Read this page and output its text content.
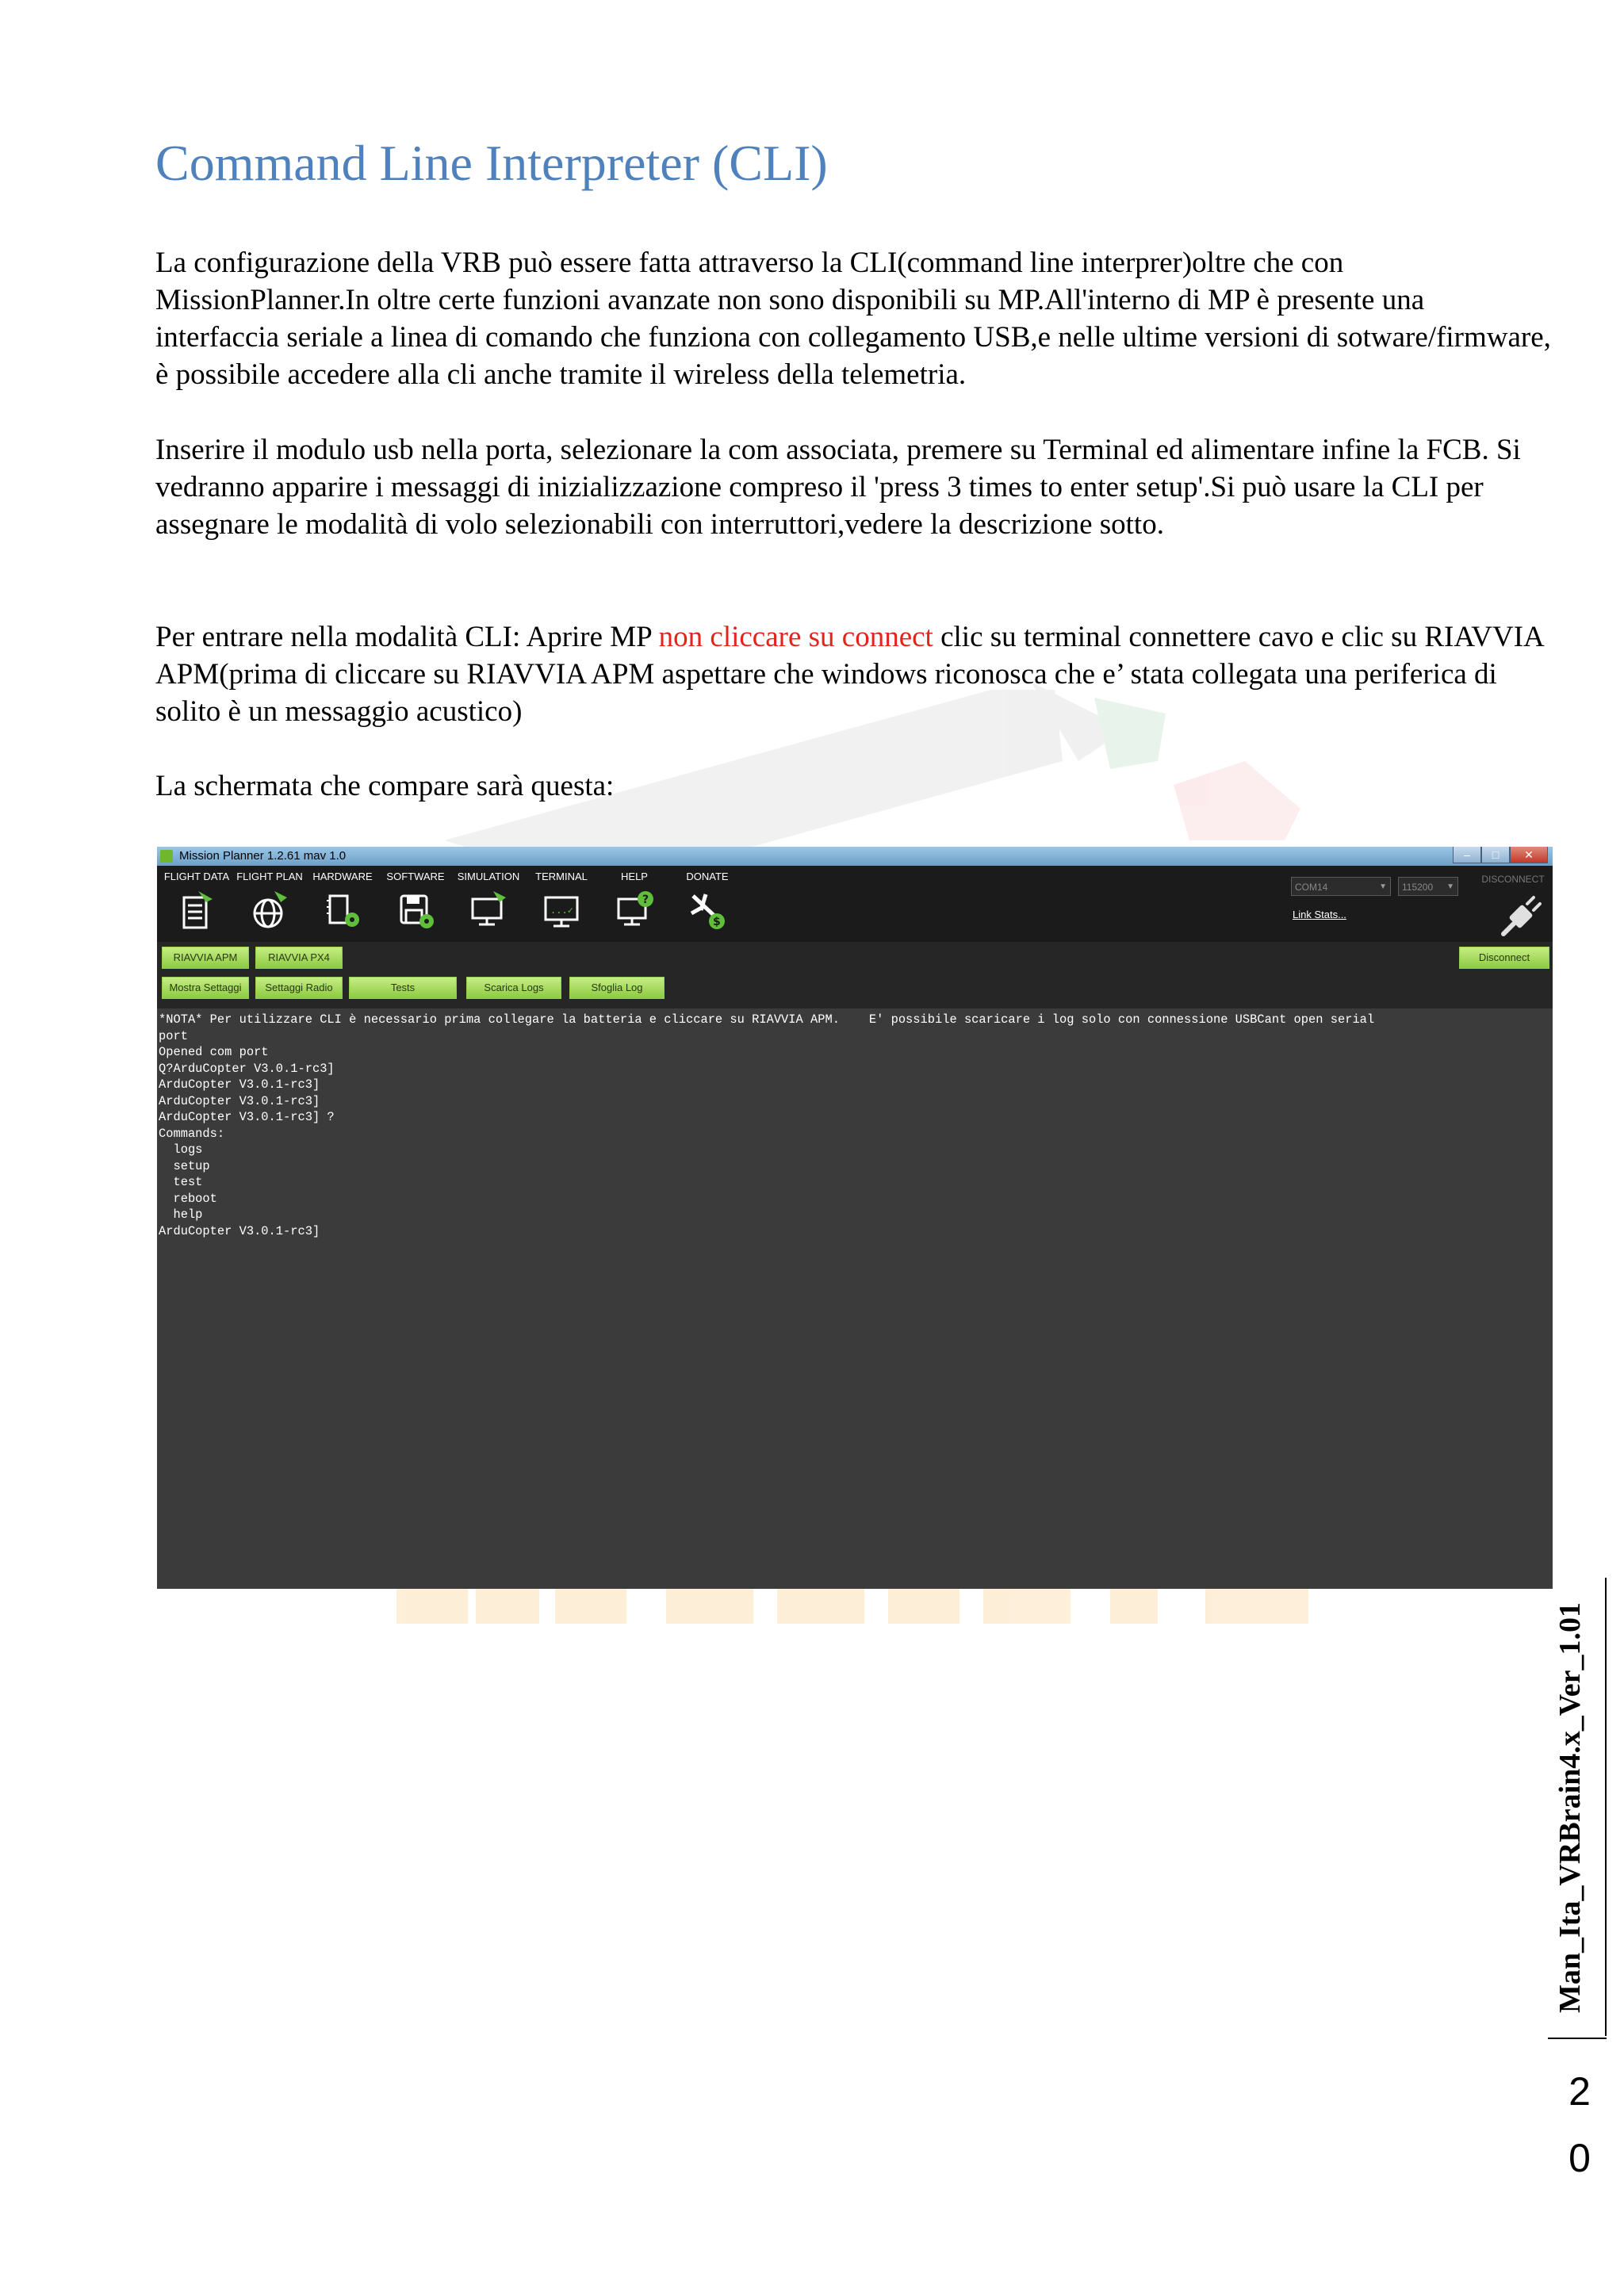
Command Line Interpreter (CLI)

La configurazione della VRB può essere fatta attraverso la CLI(command line interprer)oltre che con MissionPlanner.In oltre certe funzioni avanzate non sono disponibili su MP.All'interno di MP è presente una interfaccia seriale a linea di comando che funziona con collegamento USB,e nelle ultime versioni di sotware/firmware, è possibile accedere alla cli anche tramite il wireless della telemetria.

Inserire il modulo usb nella porta, selezionare la com associata, premere su Terminal ed alimentare infine la FCB. Si vedranno apparire i messaggi di inizializzazione compreso il 'press 3 times to enter setup'.Si può usare la CLI per assegnare le modalità di volo selezionabili con interruttori,vedere la descrizione sotto.

Per entrare nella modalità CLI: Aprire MP non cliccare su connect clic su terminal connettere cavo e clic su RIAVVIA APM(prima di cliccare su RIAVVIA APM aspettare che windows riconosca che e’ stata collegata una periferica di solito è un messaggio acustico)

La schermata che compare sarà questa:

Mission Planner 1.2.61 mav 1.0	–	□	✕
FLIGHT DATA FLIGHT PLAN HARDWARE	SOFTWARE	SIMULATION	TERMINAL
...✓
HELP
?
DONATE
$
COM14	▼	115200 ▼
Link Stats...
DISCONNECT
RIAVVIA APM	RIAVVIA PX4	Disconnect
Mostra Settaggi	Settaggi Radio	Tests	Scarica Logs	Sfoglia Log
*NOTA* Per utilizzare CLI è necessario prima collegare la batteria e cliccare su RIAVVIA APM.    E' possibile scaricare i log solo con connessione USBCant open serial
port
Opened com port
Q?ArduCopter V3.0.1-rc3]
ArduCopter V3.0.1-rc3]
ArduCopter V3.0.1-rc3]
ArduCopter V3.0.1-rc3] ?
Commands:
logs
setup
test
reboot
help
ArduCopter V3.0.1-rc3]
Man_Ita_VRBrain4.x_Ver_1.01
2
0
